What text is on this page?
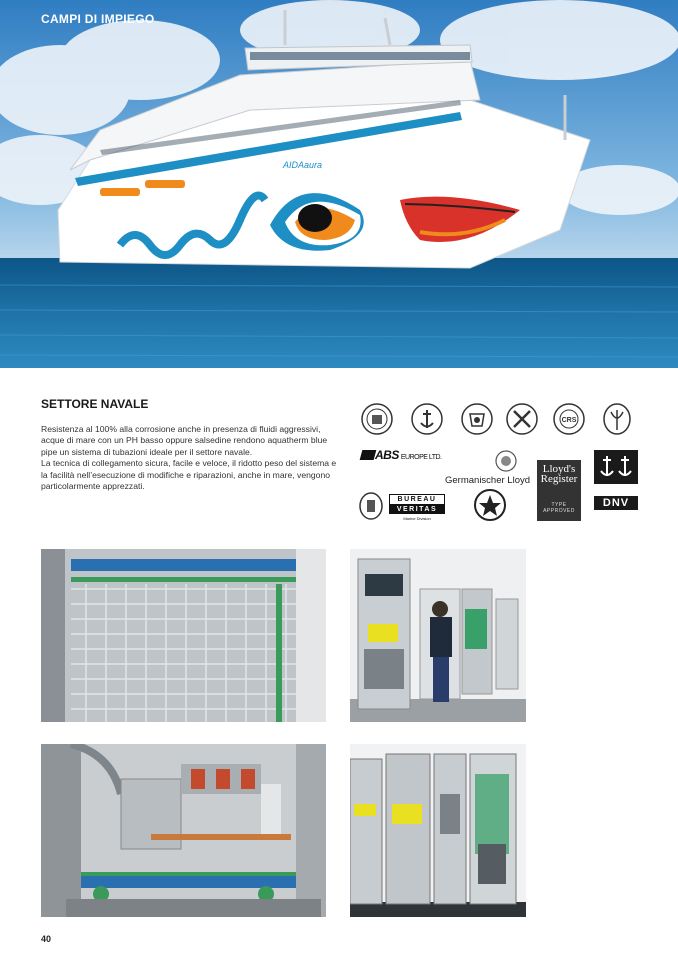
AIDAaura
CAMPI DI IMPIEGO
SETTORE NAVALE

Resistenza al 100% alla corrosione anche in presenza di fluidi aggressivi, acque di mare con un PH basso oppure salsedine rendono aquatherm blue pipe un sistema di tubazioni ideale per il settore navale.

La tecnica di collegamento sicura, facile e veloce, il ridotto peso del sistema e la facilità nell’esecuzione di modifiche e riparazioni, anche in mare, vengono particolarmente apprezzati.

CRS
ABS EUROPE LTD.
Germanischer Lloyd
Lloyd's
Register
TYPE
APPROVED
DNV
BUREAU
VERITAS
Marine Division
40
